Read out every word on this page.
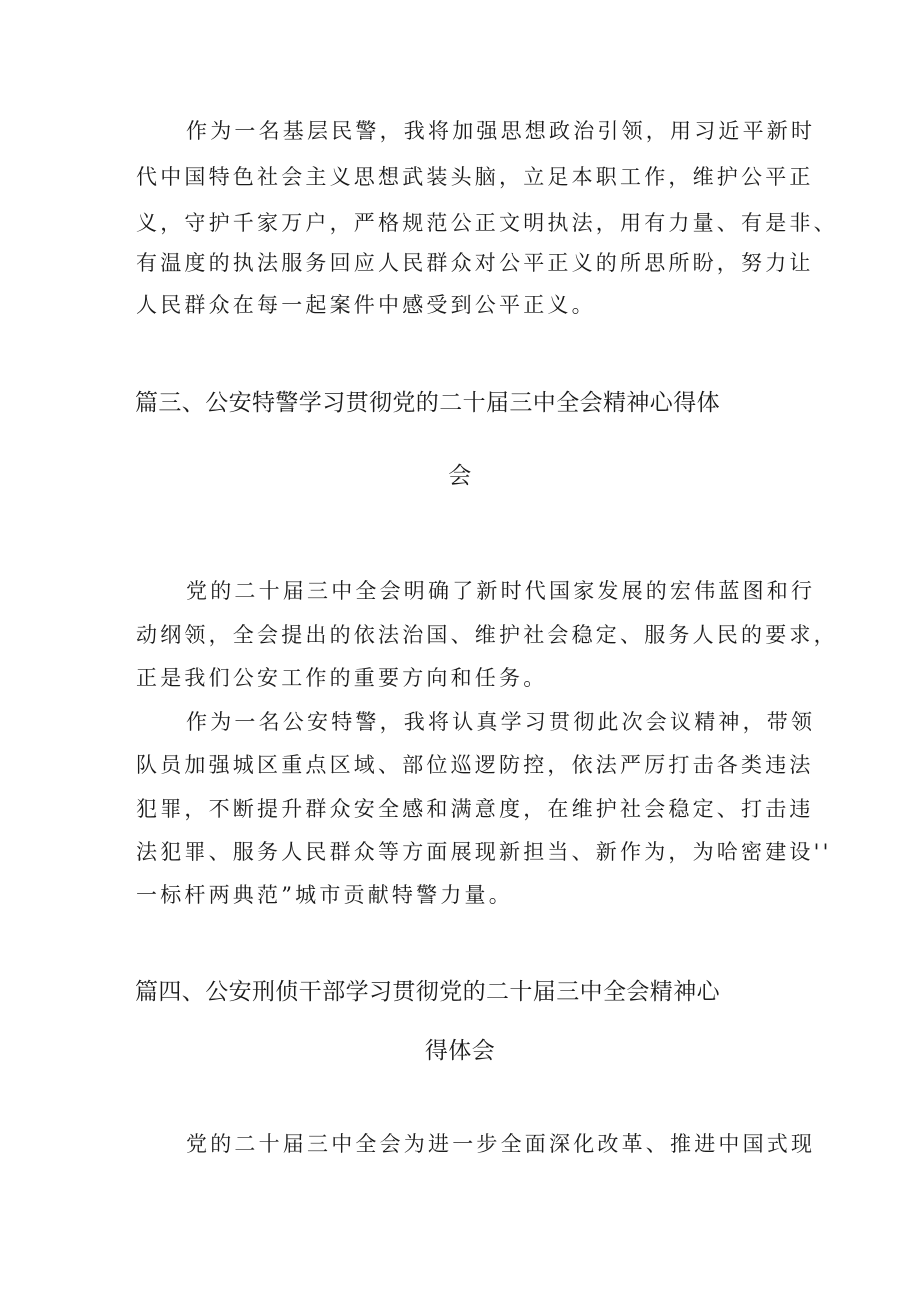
作为一名基层民警，我将加强思想政治引领，用习近平新时
代中国特色社会主义思想武装头脑，立足本职工作，维护公平正
义，守护千家万户，严格规范公正文明执法，用有力量、有是非、
有温度的执法服务回应人民群众对公平正义的所思所盼，努力让
人民群众在每一起案件中感受到公平正义。
篇三、公安特警学习贯彻党的二十届三中全会精神心得体
会
党的二十届三中全会明确了新时代国家发展的宏伟蓝图和行
动纲领，全会提出的依法治国、维护社会稳定、服务人民的要求，
正是我们公安工作的重要方向和任务。
作为一名公安特警，我将认真学习贯彻此次会议精神，带领
队员加强城区重点区域、部位巡逻防控，依法严厉打击各类违法
犯罪，不断提升群众安全感和满意度，在维护社会稳定、打击违
法犯罪、服务人民群众等方面展现新担当、新作为，为哈密建设''
一标杆两典范”城市贡献特警力量。
篇四、公安刑侦干部学习贯彻党的二十届三中全会精神心
得体会
党的二十届三中全会为进一步全面深化改革、推进中国式现
